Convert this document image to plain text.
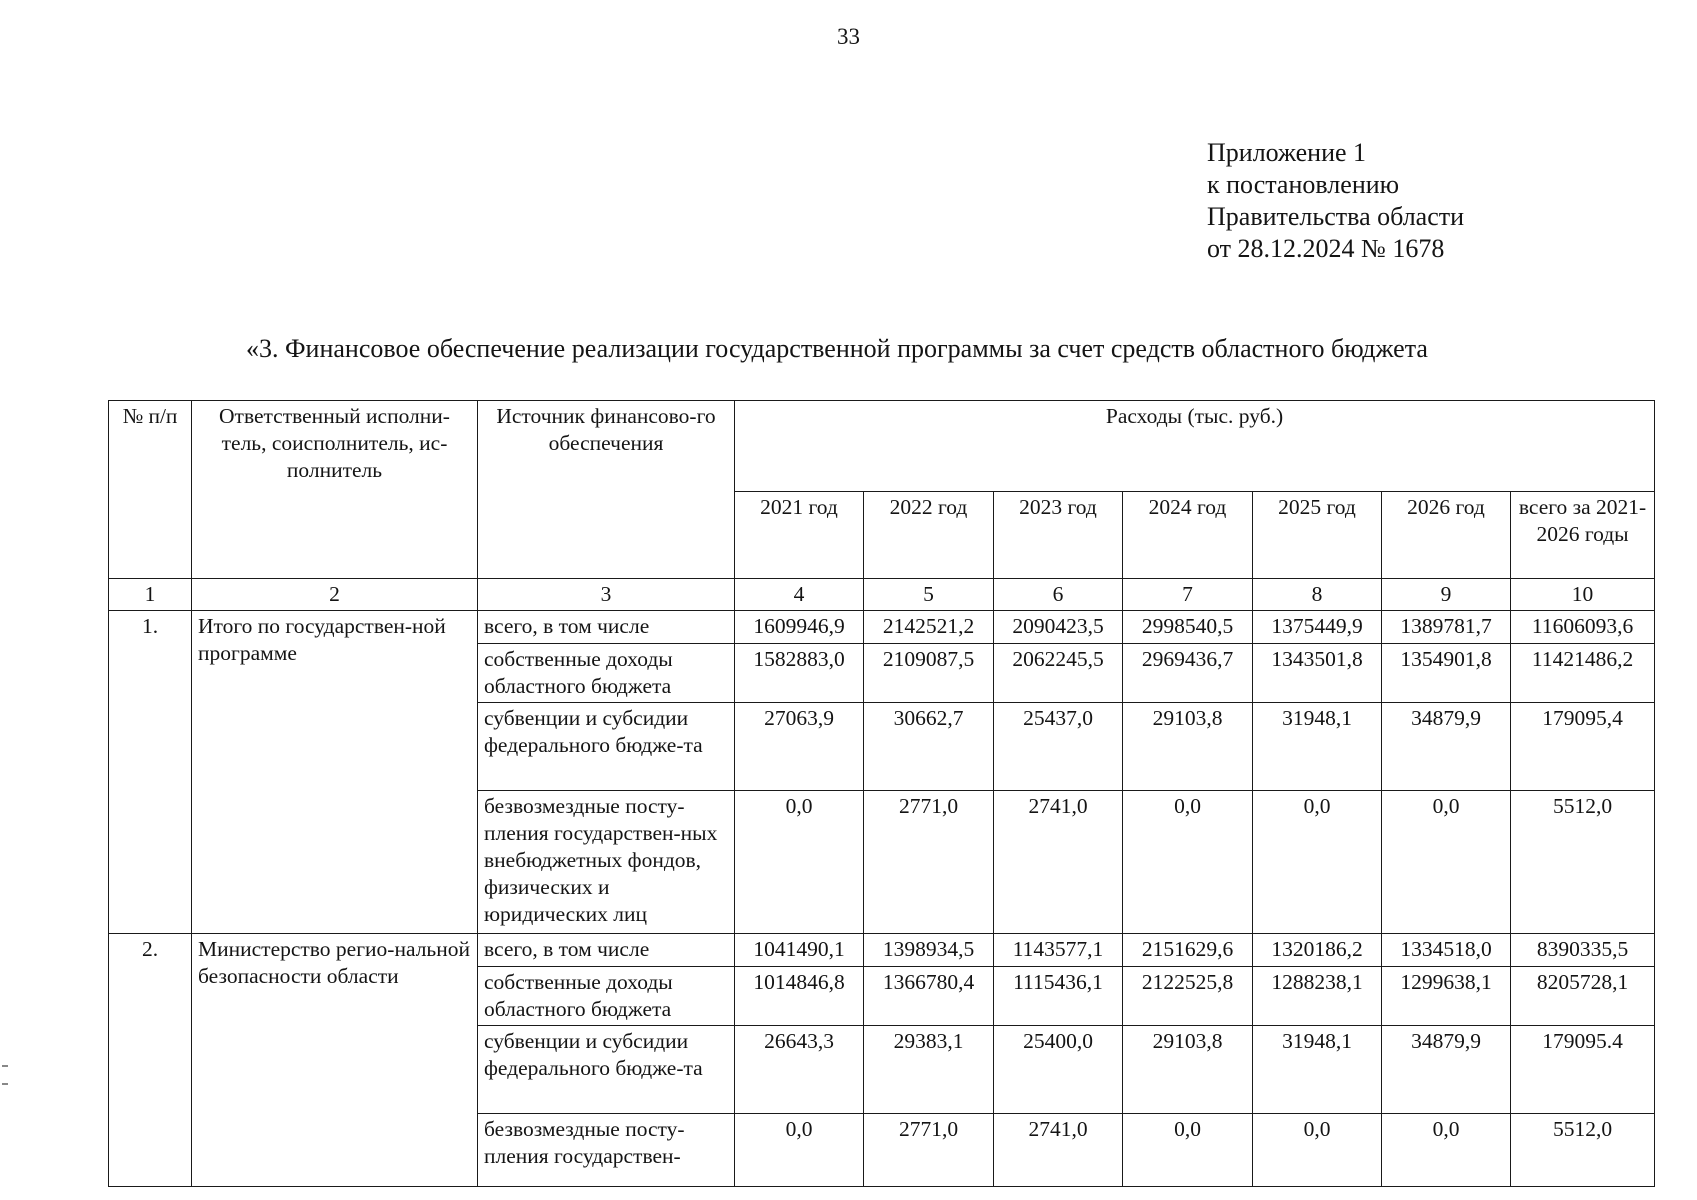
33
Приложение 1
к постановлению
Правительства области
от 28.12.2024 № 1678
«3. Финансовое обеспечение реализации государственной программы за счет средств областного бюджета
№ п/п	Ответственный исполни-тель, соисполнитель, ис-полнитель	Источник финансово-го обеспечения	Расходы (тыс. руб.)						
			2021 год	2022 год	2023 год	2024 год	2025 год	2026 год	всего за 2021-2026 годы
1	2	3	4	5	6	7	8	9	10
1.	Итого по государствен-ной программе	всего, в том числе	1609946,9	2142521,2	2090423,5	2998540,5	1375449,9	1389781,7	11606093,6
		собственные доходы областного бюджета	1582883,0	2109087,5	2062245,5	2969436,7	1343501,8	1354901,8	11421486,2
		субвенции и субсидии федерального бюдже-та	27063,9	30662,7	25437,0	29103,8	31948,1	34879,9	179095,4
		безвозмездные посту-пления государствен-ных внебюджетных фондов, физических и юридических лиц	0,0	2771,0	2741,0	0,0	0,0	0,0	5512,0
2.	Министерство регио-нальной безопасности области	всего, в том числе	1041490,1	1398934,5	1143577,1	2151629,6	1320186,2	1334518,0	8390335,5
		собственные доходы областного бюджета	1014846,8	1366780,4	1115436,1	2122525,8	1288238,1	1299638,1	8205728,1
		субвенции и субсидии федерального бюдже-та	26643,3	29383,1	25400,0	29103,8	31948,1	34879,9	179095.4
		безвозмездные посту-пления государствен-	0,0	2771,0	2741,0	0,0	0,0	0,0	5512,0
